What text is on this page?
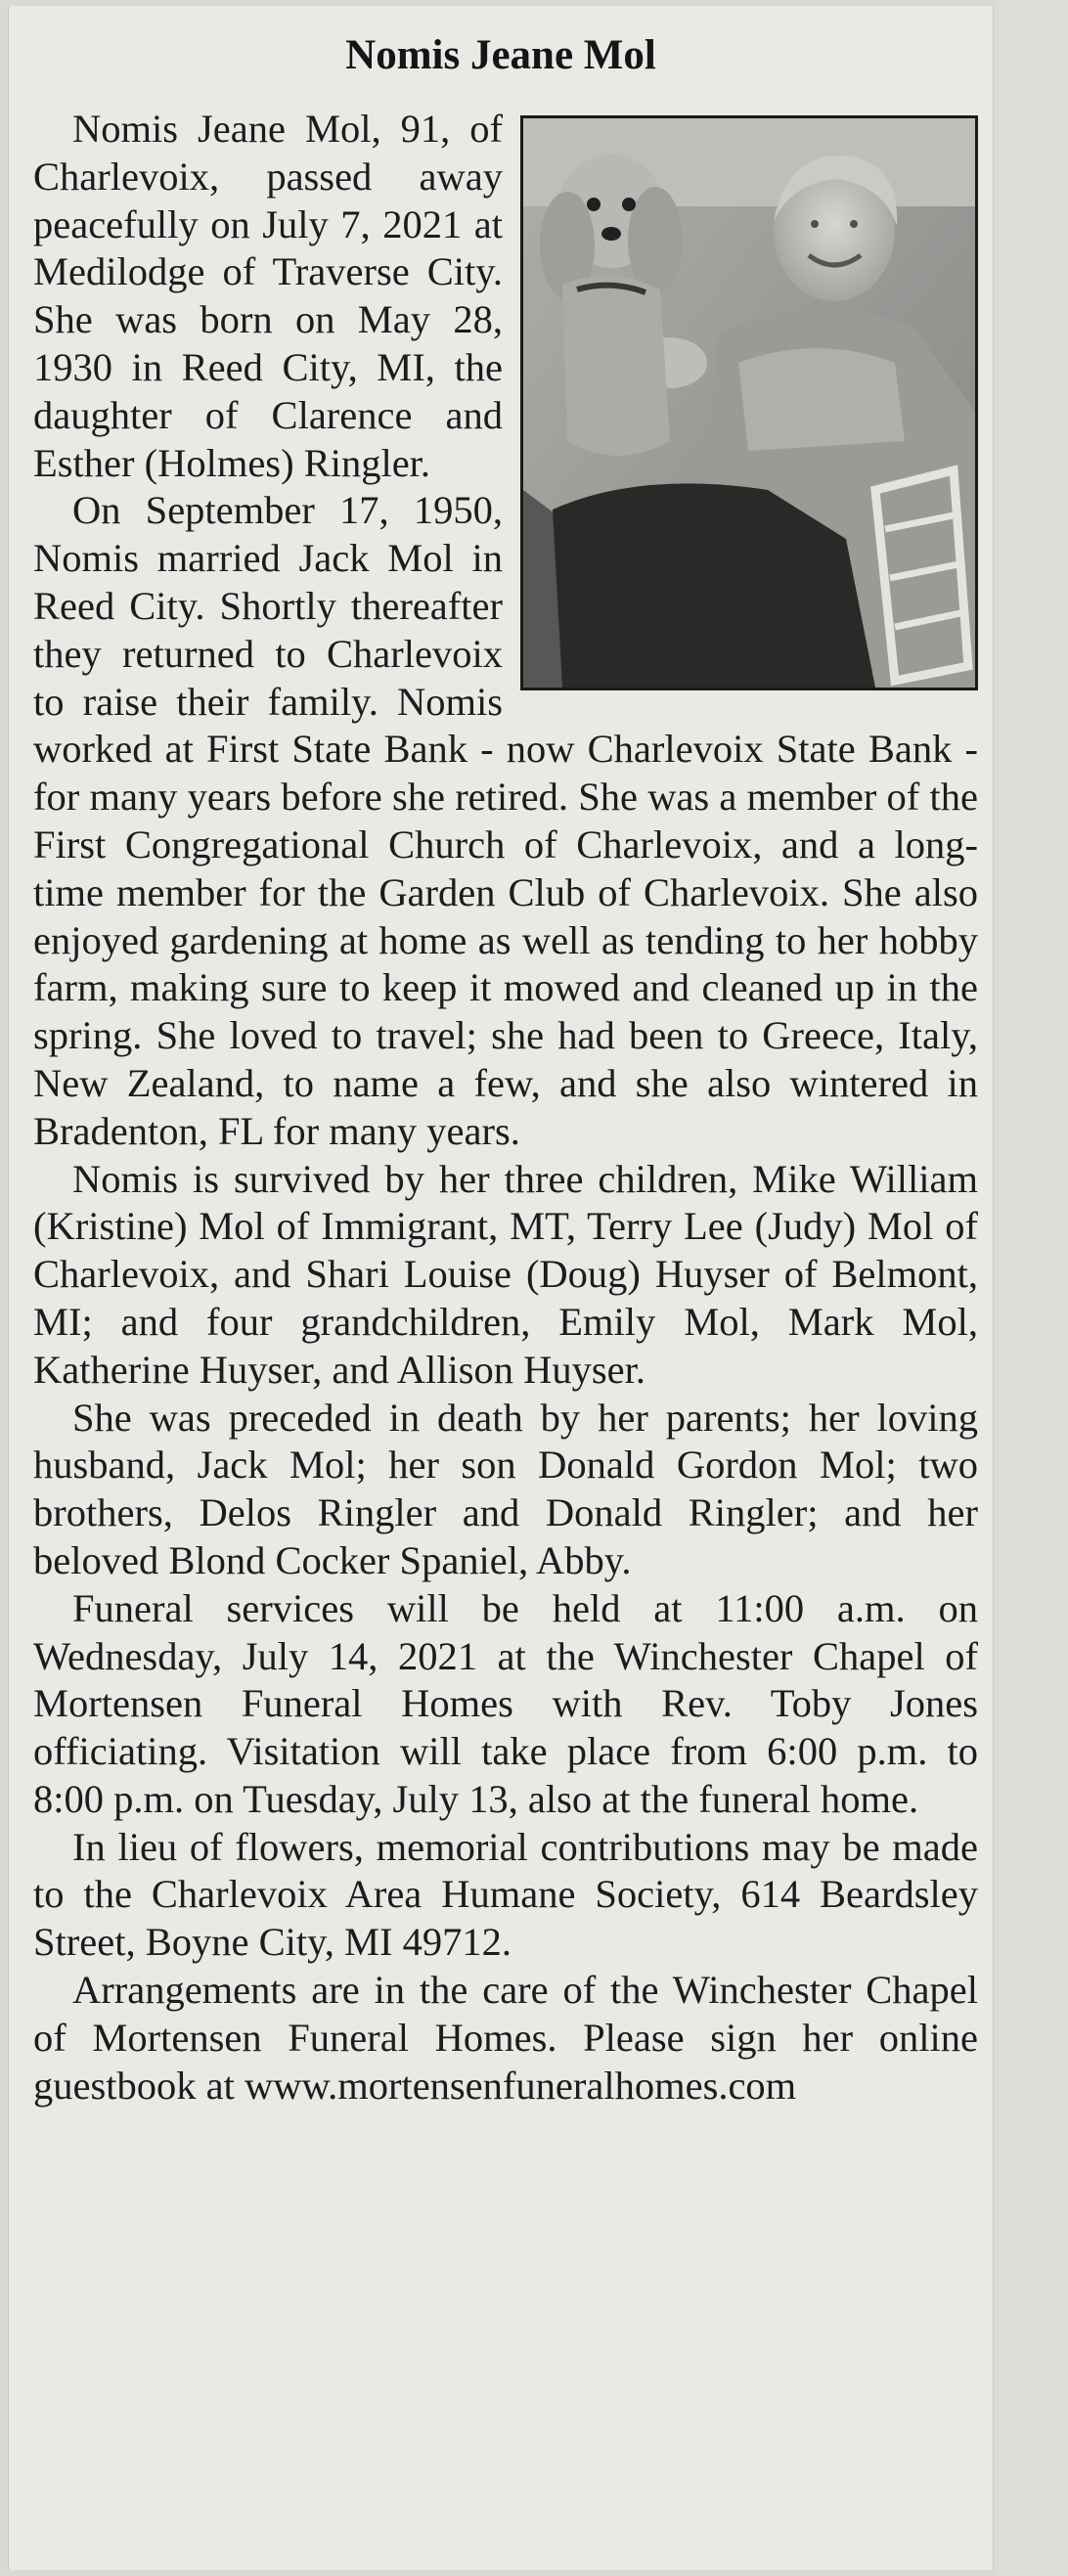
Nomis Jeane Mol

Nomis Jeane Mol, 91, of Charlevoix, passed away peacefully on July 7, 2021 at Medilodge of Traverse City. She was born on May 28, 1930 in Reed City, MI, the daughter of Clarence and Esther (Holmes) Ringler.

On September 17, 1950, Nomis married Jack Mol in Reed City. Shortly thereafter they returned to Charlevoix to raise their family. Nomis worked at First State Bank - now Charlevoix State Bank - for many years before she retired. She was a member of the First Congregational Church of Charlevoix, and a long-time member for the Garden Club of Charlevoix. She also enjoyed gardening at home as well as tending to her hobby farm, making sure to keep it mowed and cleaned up in the spring. She loved to travel; she had been to Greece, Italy, New Zealand, to name a few, and she also wintered in Bradenton, FL for many years.

Nomis is survived by her three children, Mike William (Kristine) Mol of Immigrant, MT, Terry Lee (Judy) Mol of Charlevoix, and Shari Louise (Doug) Huyser of Belmont, MI; and four grandchildren, Emily Mol, Mark Mol, Katherine Huyser, and Allison Huyser.

She was preceded in death by her parents; her loving husband, Jack Mol; her son Donald Gordon Mol; two brothers, Delos Ringler and Donald Ringler; and her beloved Blond Cocker Spaniel, Abby.

Funeral services will be held at 11:00 a.m. on Wednesday, July 14, 2021 at the Winchester Chapel of Mortensen Funeral Homes with Rev. Toby Jones officiating. Visitation will take place from 6:00 p.m. to 8:00 p.m. on Tuesday, July 13, also at the funeral home.

In lieu of flowers, memorial contributions may be made to the Charlevoix Area Humane Society, 614 Beardsley Street, Boyne City, MI 49712.

Arrangements are in the care of the Winchester Chapel of Mortensen Funeral Homes. Please sign her online guestbook at www.mortensenfuneralhomes.com
